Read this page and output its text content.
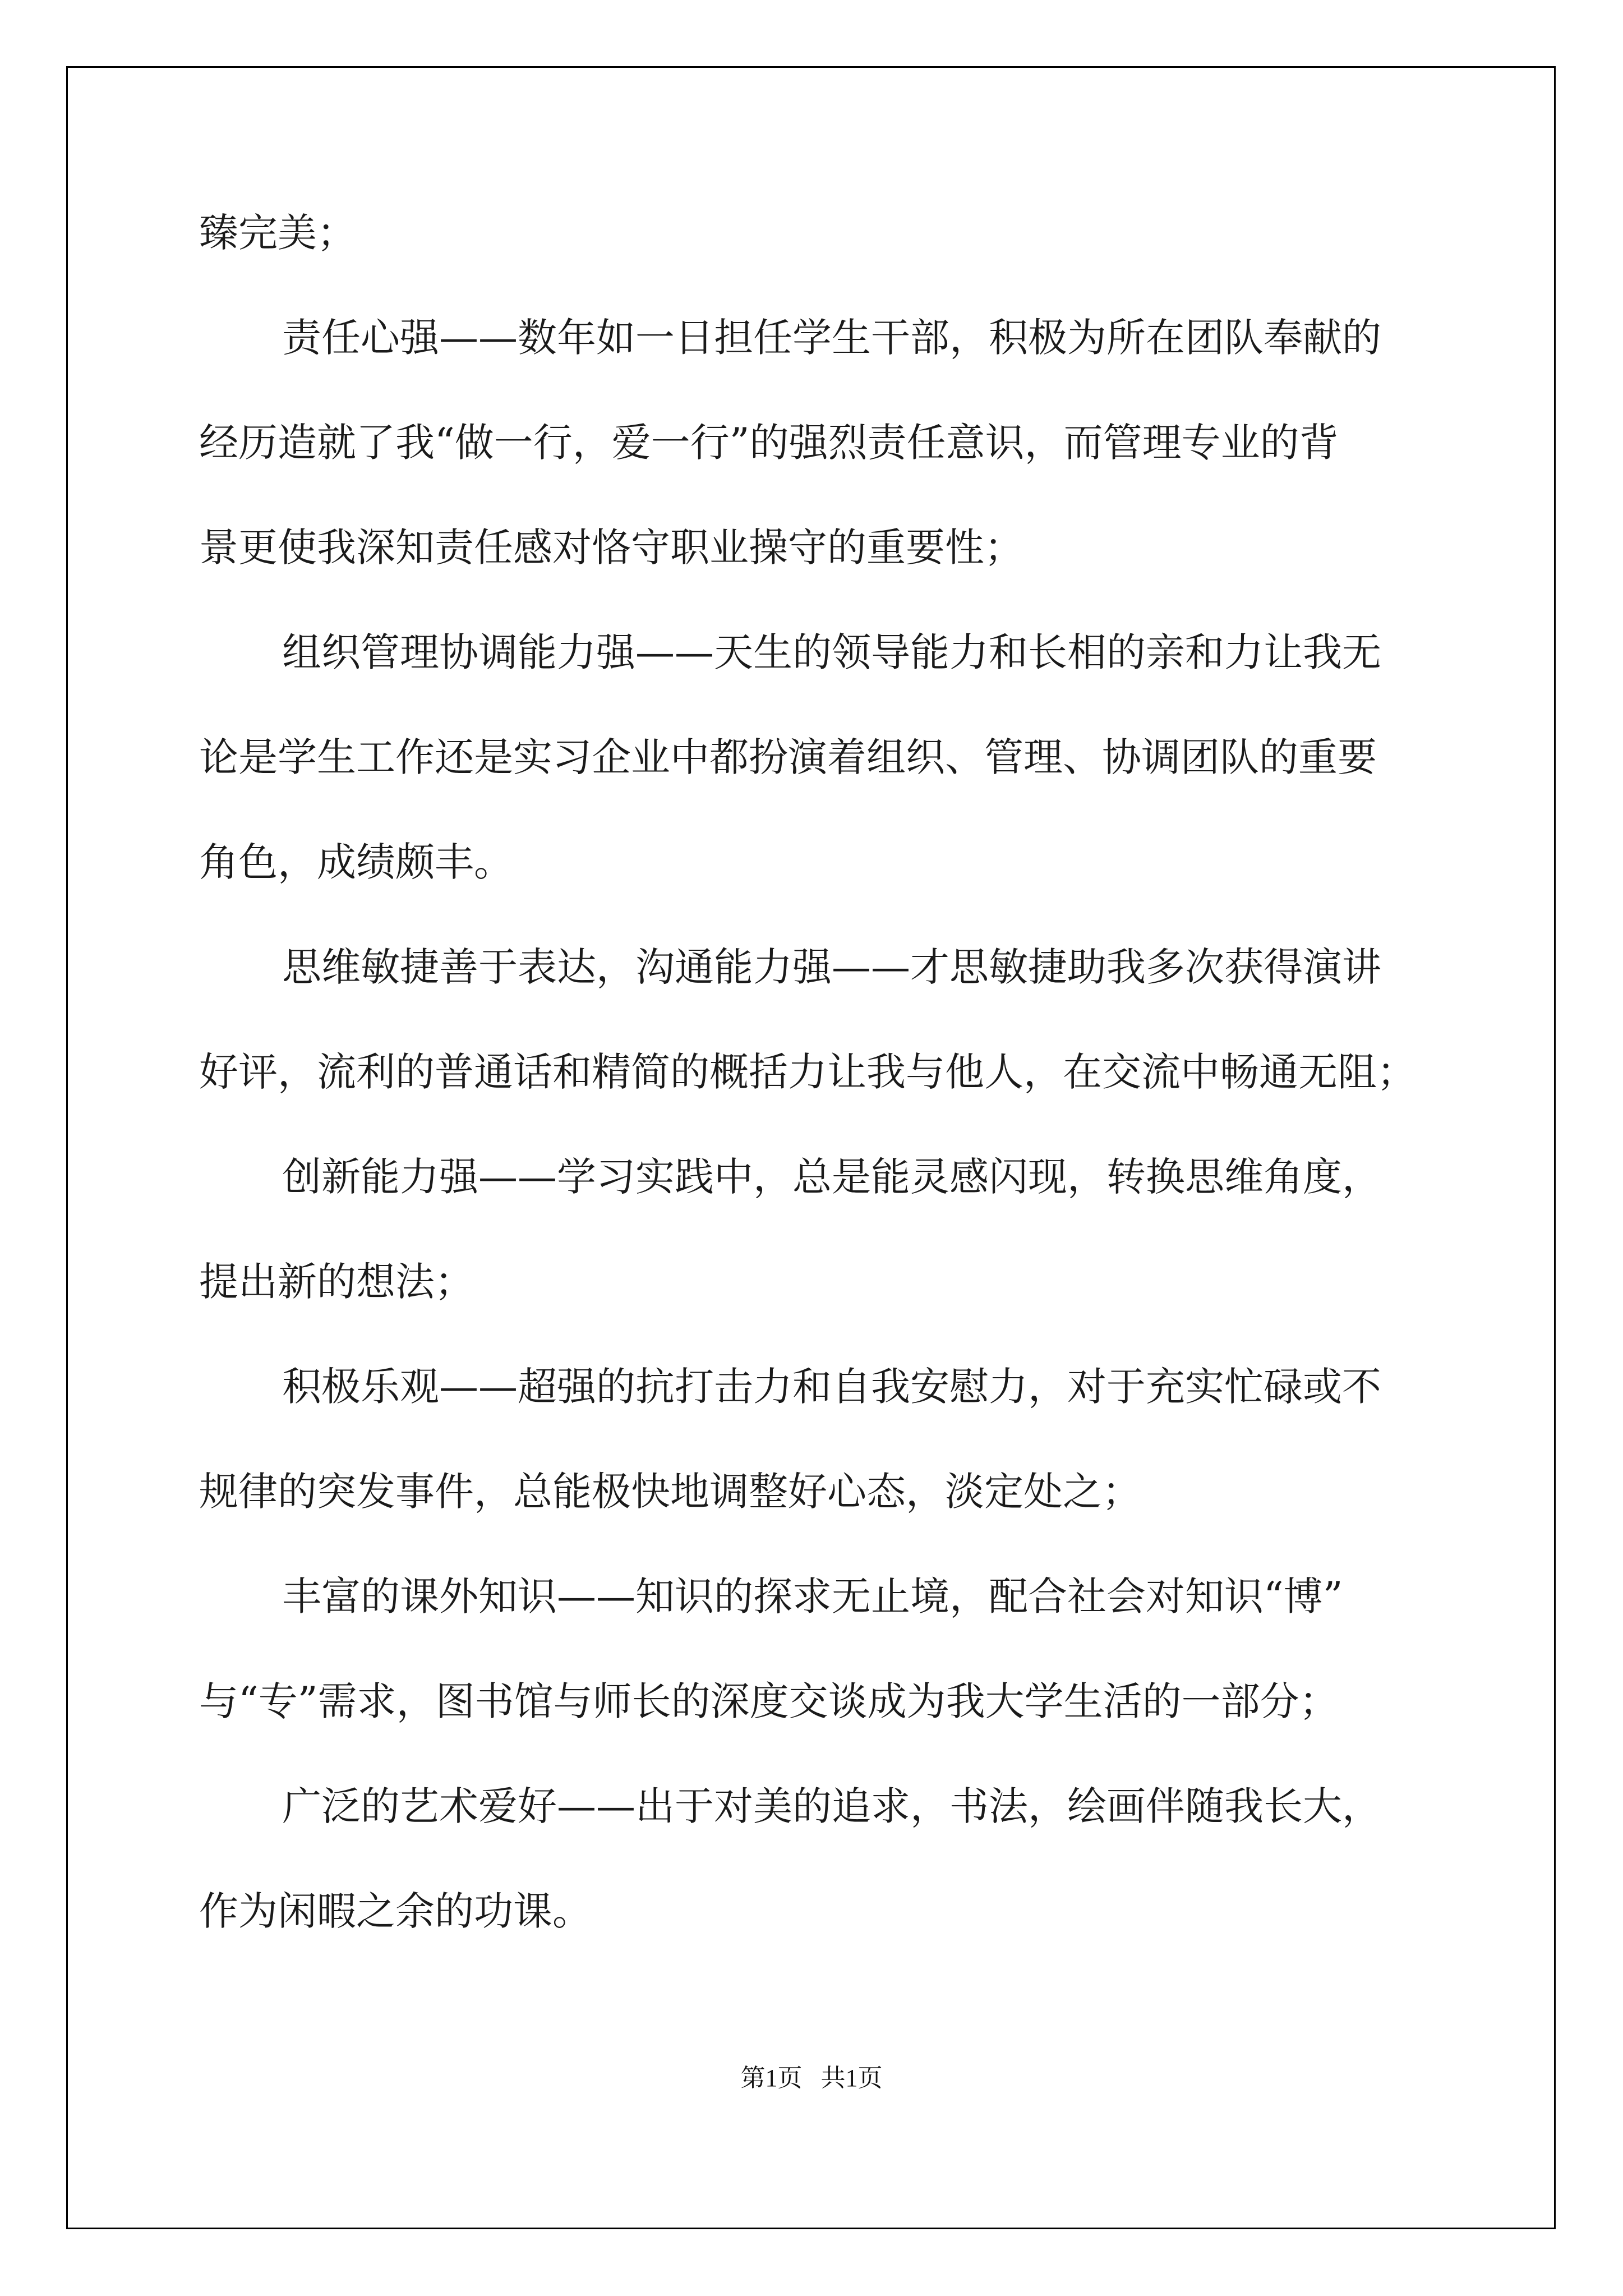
臻完美；
责任心强——数年如一日担任学生干部，积极为所在团队奉献的
经历造就了我“做一行，爱一行”的强烈责任意识，而管理专业的背
景更使我深知责任感对恪守职业操守的重要性；
组织管理协调能力强——天生的领导能力和长相的亲和力让我无
论是学生工作还是实习企业中都扮演着组织、管理、协调团队的重要
角色，成绩颇丰。
思维敏捷善于表达，沟通能力强——才思敏捷助我多次获得演讲
好评，流利的普通话和精简的概括力让我与他人，在交流中畅通无阻；
创新能力强——学习实践中，总是能灵感闪现，转换思维角度，
提出新的想法；
积极乐观——超强的抗打击力和自我安慰力，对于充实忙碌或不
规律的突发事件，总能极快地调整好心态，淡定处之；
丰富的课外知识——知识的探求无止境，配合社会对知识“博”
与“专”需求，图书馆与师长的深度交谈成为我大学生活的一部分；
广泛的艺术爱好——出于对美的追求，书法，绘画伴随我长大，
作为闲暇之余的功课。
第1页   共1页
